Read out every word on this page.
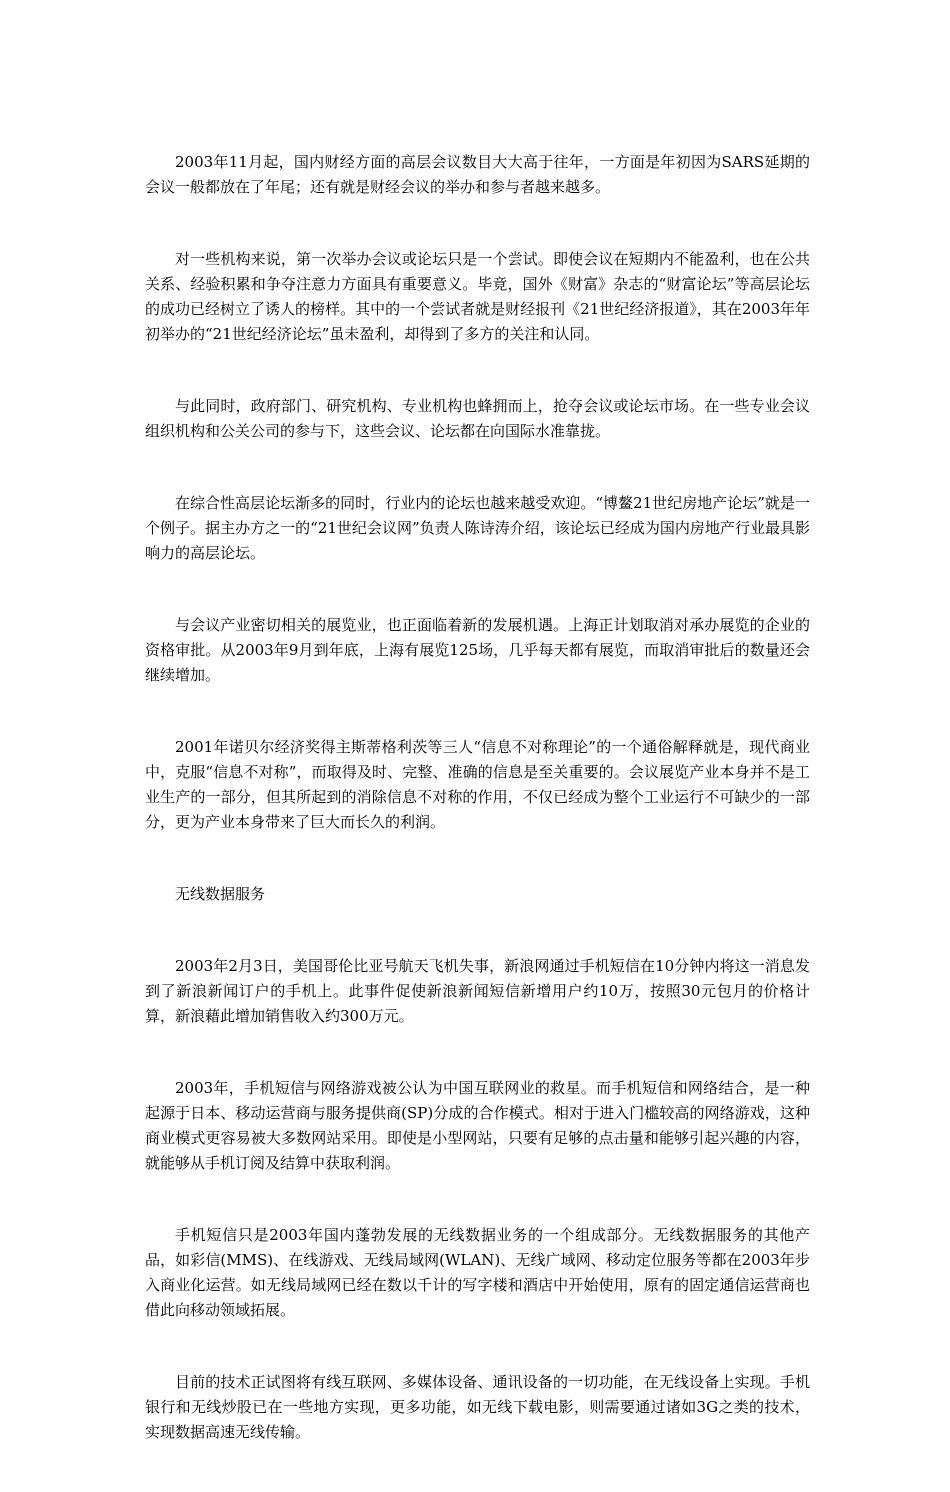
2003年11月起，国内财经方面的高层会议数目大大高于往年，一方面是年初因为SARS延期的会议一般都放在了年尾；还有就是财经会议的举办和参与者越来越多。

对一些机构来说，第一次举办会议或论坛只是一个尝试。即使会议在短期内不能盈利，也在公共关系、经验积累和争夺注意力方面具有重要意义。毕竟，国外《财富》杂志的“财富论坛”等高层论坛的成功已经树立了诱人的榜样。其中的一个尝试者就是财经报刊《21世纪经济报道》，其在2003年年初举办的“21世纪经济论坛”虽未盈利，却得到了多方的关注和认同。

与此同时，政府部门、研究机构、专业机构也蜂拥而上，抢夺会议或论坛市场。在一些专业会议组织机构和公关公司的参与下，这些会议、论坛都在向国际水准靠拢。

在综合性高层论坛渐多的同时，行业内的论坛也越来越受欢迎。“博鳌21世纪房地产论坛”就是一个例子。据主办方之一的“21世纪会议网”负责人陈诗涛介绍，该论坛已经成为国内房地产行业最具影响力的高层论坛。

与会议产业密切相关的展览业，也正面临着新的发展机遇。上海正计划取消对承办展览的企业的资格审批。从2003年9月到年底，上海有展览125场，几乎每天都有展览，而取消审批后的数量还会继续增加。

2001年诺贝尔经济奖得主斯蒂格利茨等三人“信息不对称理论”的一个通俗解释就是，现代商业中，克服“信息不对称”，而取得及时、完整、准确的信息是至关重要的。会议展览产业本身并不是工业生产的一部分，但其所起到的消除信息不对称的作用，不仅已经成为整个工业运行不可缺少的一部分，更为产业本身带来了巨大而长久的利润。

无线数据服务

2003年2月3日，美国哥伦比亚号航天飞机失事，新浪网通过手机短信在10分钟内将这一消息发到了新浪新闻订户的手机上。此事件促使新浪新闻短信新增用户约10万，按照30元包月的价格计算，新浪藉此增加销售收入约300万元。

2003年，手机短信与网络游戏被公认为中国互联网业的救星。而手机短信和网络结合，是一种起源于日本、移动运营商与服务提供商(SP)分成的合作模式。相对于进入门槛较高的网络游戏，这种商业模式更容易被大多数网站采用。即使是小型网站，只要有足够的点击量和能够引起兴趣的内容，就能够从手机订阅及结算中获取利润。

手机短信只是2003年国内蓬勃发展的无线数据业务的一个组成部分。无线数据服务的其他产品，如彩信(MMS)、在线游戏、无线局域网(WLAN)、无线广域网、移动定位服务等都在2003年步入商业化运营。如无线局域网已经在数以千计的写字楼和酒店中开始使用，原有的固定通信运营商也借此向移动领域拓展。

目前的技术正试图将有线互联网、多媒体设备、通讯设备的一切功能，在无线设备上实现。手机银行和无线炒股已在一些地方实现，更多功能，如无线下载电影，则需要通过诸如3G之类的技术，实现数据高速无线传输。
